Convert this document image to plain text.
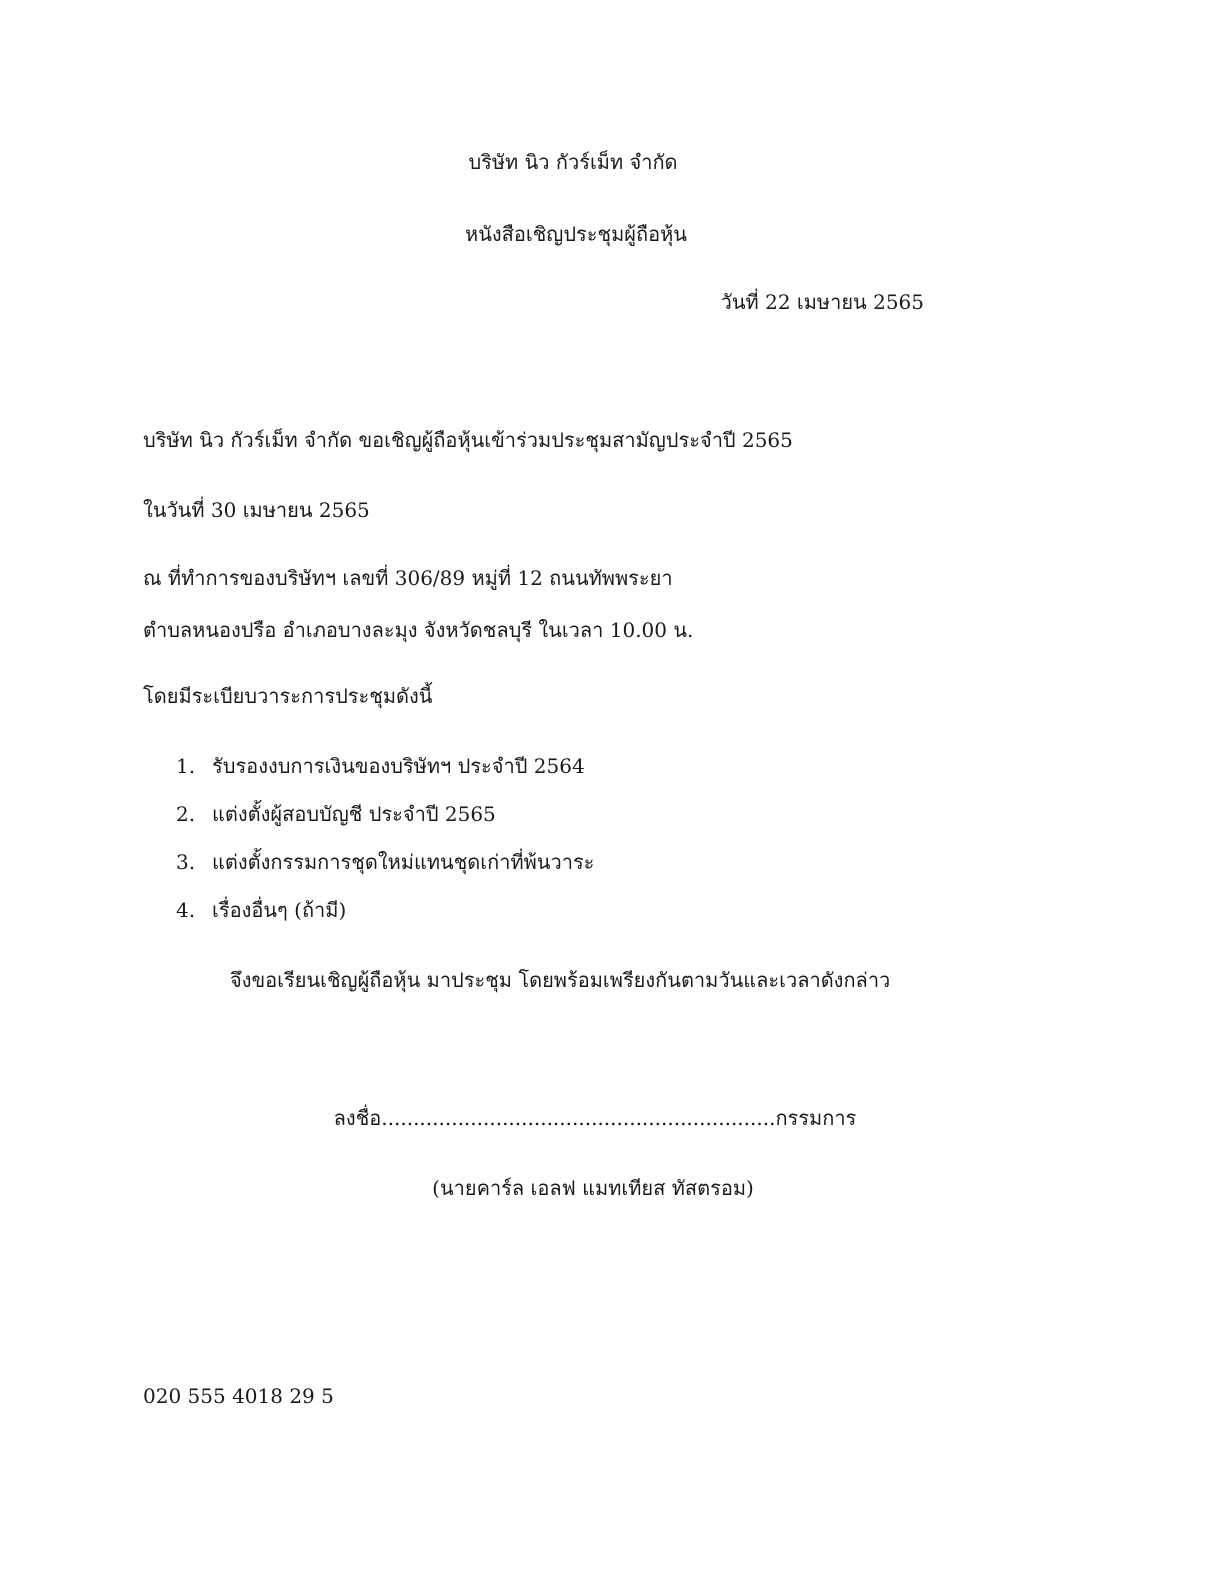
บริษัท นิว กัวร์เม็ท จำกัด
หนังสือเชิญประชุมผู้ถือหุ้น
วันที่ 22 เมษายน 2565
บริษัท นิว กัวร์เม็ท จำกัด ขอเชิญผู้ถือหุ้นเข้าร่วมประชุมสามัญประจำปี 2565
ในวันที่ 30 เมษายน 2565
ณ ที่ทำการของบริษัทฯ เลขที่ 306/89 หมู่ที่ 12 ถนนทัพพระยา
ตำบลหนองปรือ อำเภอบางละมุง จังหวัดชลบุรี ในเวลา 10.00 น.
โดยมีระเบียบวาระการประชุมดังนี้
1. รับรองงบการเงินของบริษัทฯ ประจำปี 2564
2. แต่งตั้งผู้สอบบัญชี ประจำปี 2565
3. แต่งตั้งกรรมการชุดใหม่แทนชุดเก่าที่พ้นวาระ
4. เรื่องอื่นๆ (ถ้ามี)
จึงขอเรียนเชิญผู้ถือหุ้น มาประชุม โดยพร้อมเพรียงกันตามวันและเวลาดังกล่าว
ลงชื่อ..............................................................กรรมการ
(นายคาร์ล เอลฟ แมทเทียส ทัสตรอม)
020 555 4018 29 5
